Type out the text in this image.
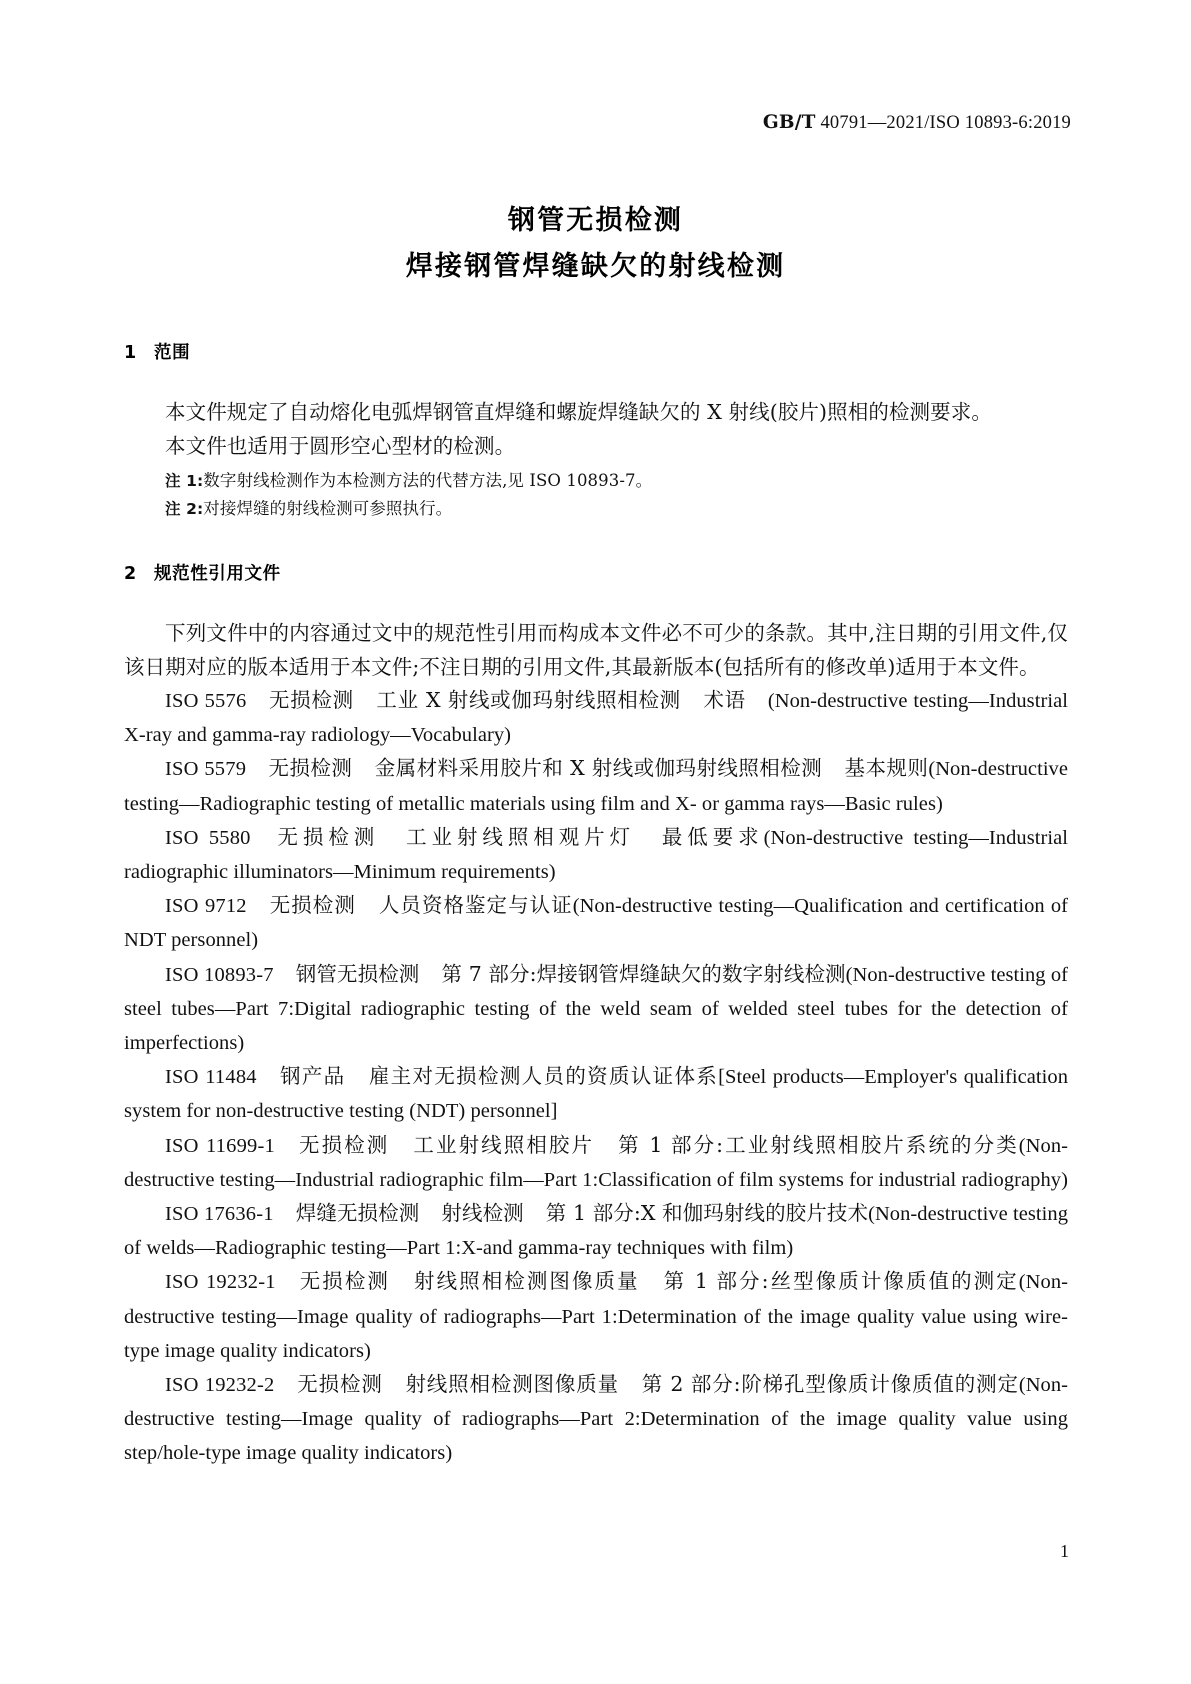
GB/T 40791—2021/ISO 10893-6:2019
钢管无损检测
焊接钢管焊缝缺欠的射线检测
1 范围

本文件规定了自动熔化电弧焊钢管直焊缝和螺旋焊缝缺欠的 X 射线(胶片)照相的检测要求。

本文件也适用于圆形空心型材的检测。

注 1:数字射线检测作为本检测方法的代替方法,见 ISO 10893-7。

注 2:对接焊缝的射线检测可参照执行。

2 规范性引用文件

下列文件中的内容通过文中的规范性引用而构成本文件必不可少的条款。其中,注日期的引用文件,仅该日期对应的版本适用于本文件;不注日期的引用文件,其最新版本(包括所有的修改单)适用于本文件。

ISO 5576 无损检测 工业 X 射线或伽玛射线照相检测 术语 (Non-destructive testing—Industrial X-ray and gamma-ray radiology—Vocabulary)

ISO 5579 无损检测 金属材料采用胶片和 X 射线或伽玛射线照相检测 基本规则(Non-destructive testing—Radiographic testing of metallic materials using film and X- or gamma rays—Basic rules)

ISO 5580 无损检测 工业射线照相观片灯 最低要求(Non-destructive testing—Industrial radiographic illuminators—Minimum requirements)

ISO 9712 无损检测 人员资格鉴定与认证(Non-destructive testing—Qualification and certification of NDT personnel)

ISO 10893-7 钢管无损检测 第 7 部分:焊接钢管焊缝缺欠的数字射线检测(Non-destructive testing of steel tubes—Part 7:Digital radiographic testing of the weld seam of welded steel tubes for the detection of imperfections)

ISO 11484 钢产品 雇主对无损检测人员的资质认证体系[Steel products—Employer's qualification system for non-destructive testing (NDT) personnel]

ISO 11699-1 无损检测 工业射线照相胶片 第 1 部分:工业射线照相胶片系统的分类(Non-destructive testing—Industrial radiographic film—Part 1:Classification of film systems for industrial radiography)

ISO 17636-1 焊缝无损检测 射线检测 第 1 部分:X 和伽玛射线的胶片技术(Non-destructive testing of welds—Radiographic testing—Part 1:X-and gamma-ray techniques with film)

ISO 19232-1 无损检测 射线照相检测图像质量 第 1 部分:丝型像质计像质值的测定(Non-destructive testing—Image quality of radiographs—Part 1:Determination of the image quality value using wire-type image quality indicators)

ISO 19232-2 无损检测 射线照相检测图像质量 第 2 部分:阶梯孔型像质计像质值的测定(Non-destructive testing—Image quality of radiographs—Part 2:Determination of the image quality value using step/hole-type image quality indicators)

1
